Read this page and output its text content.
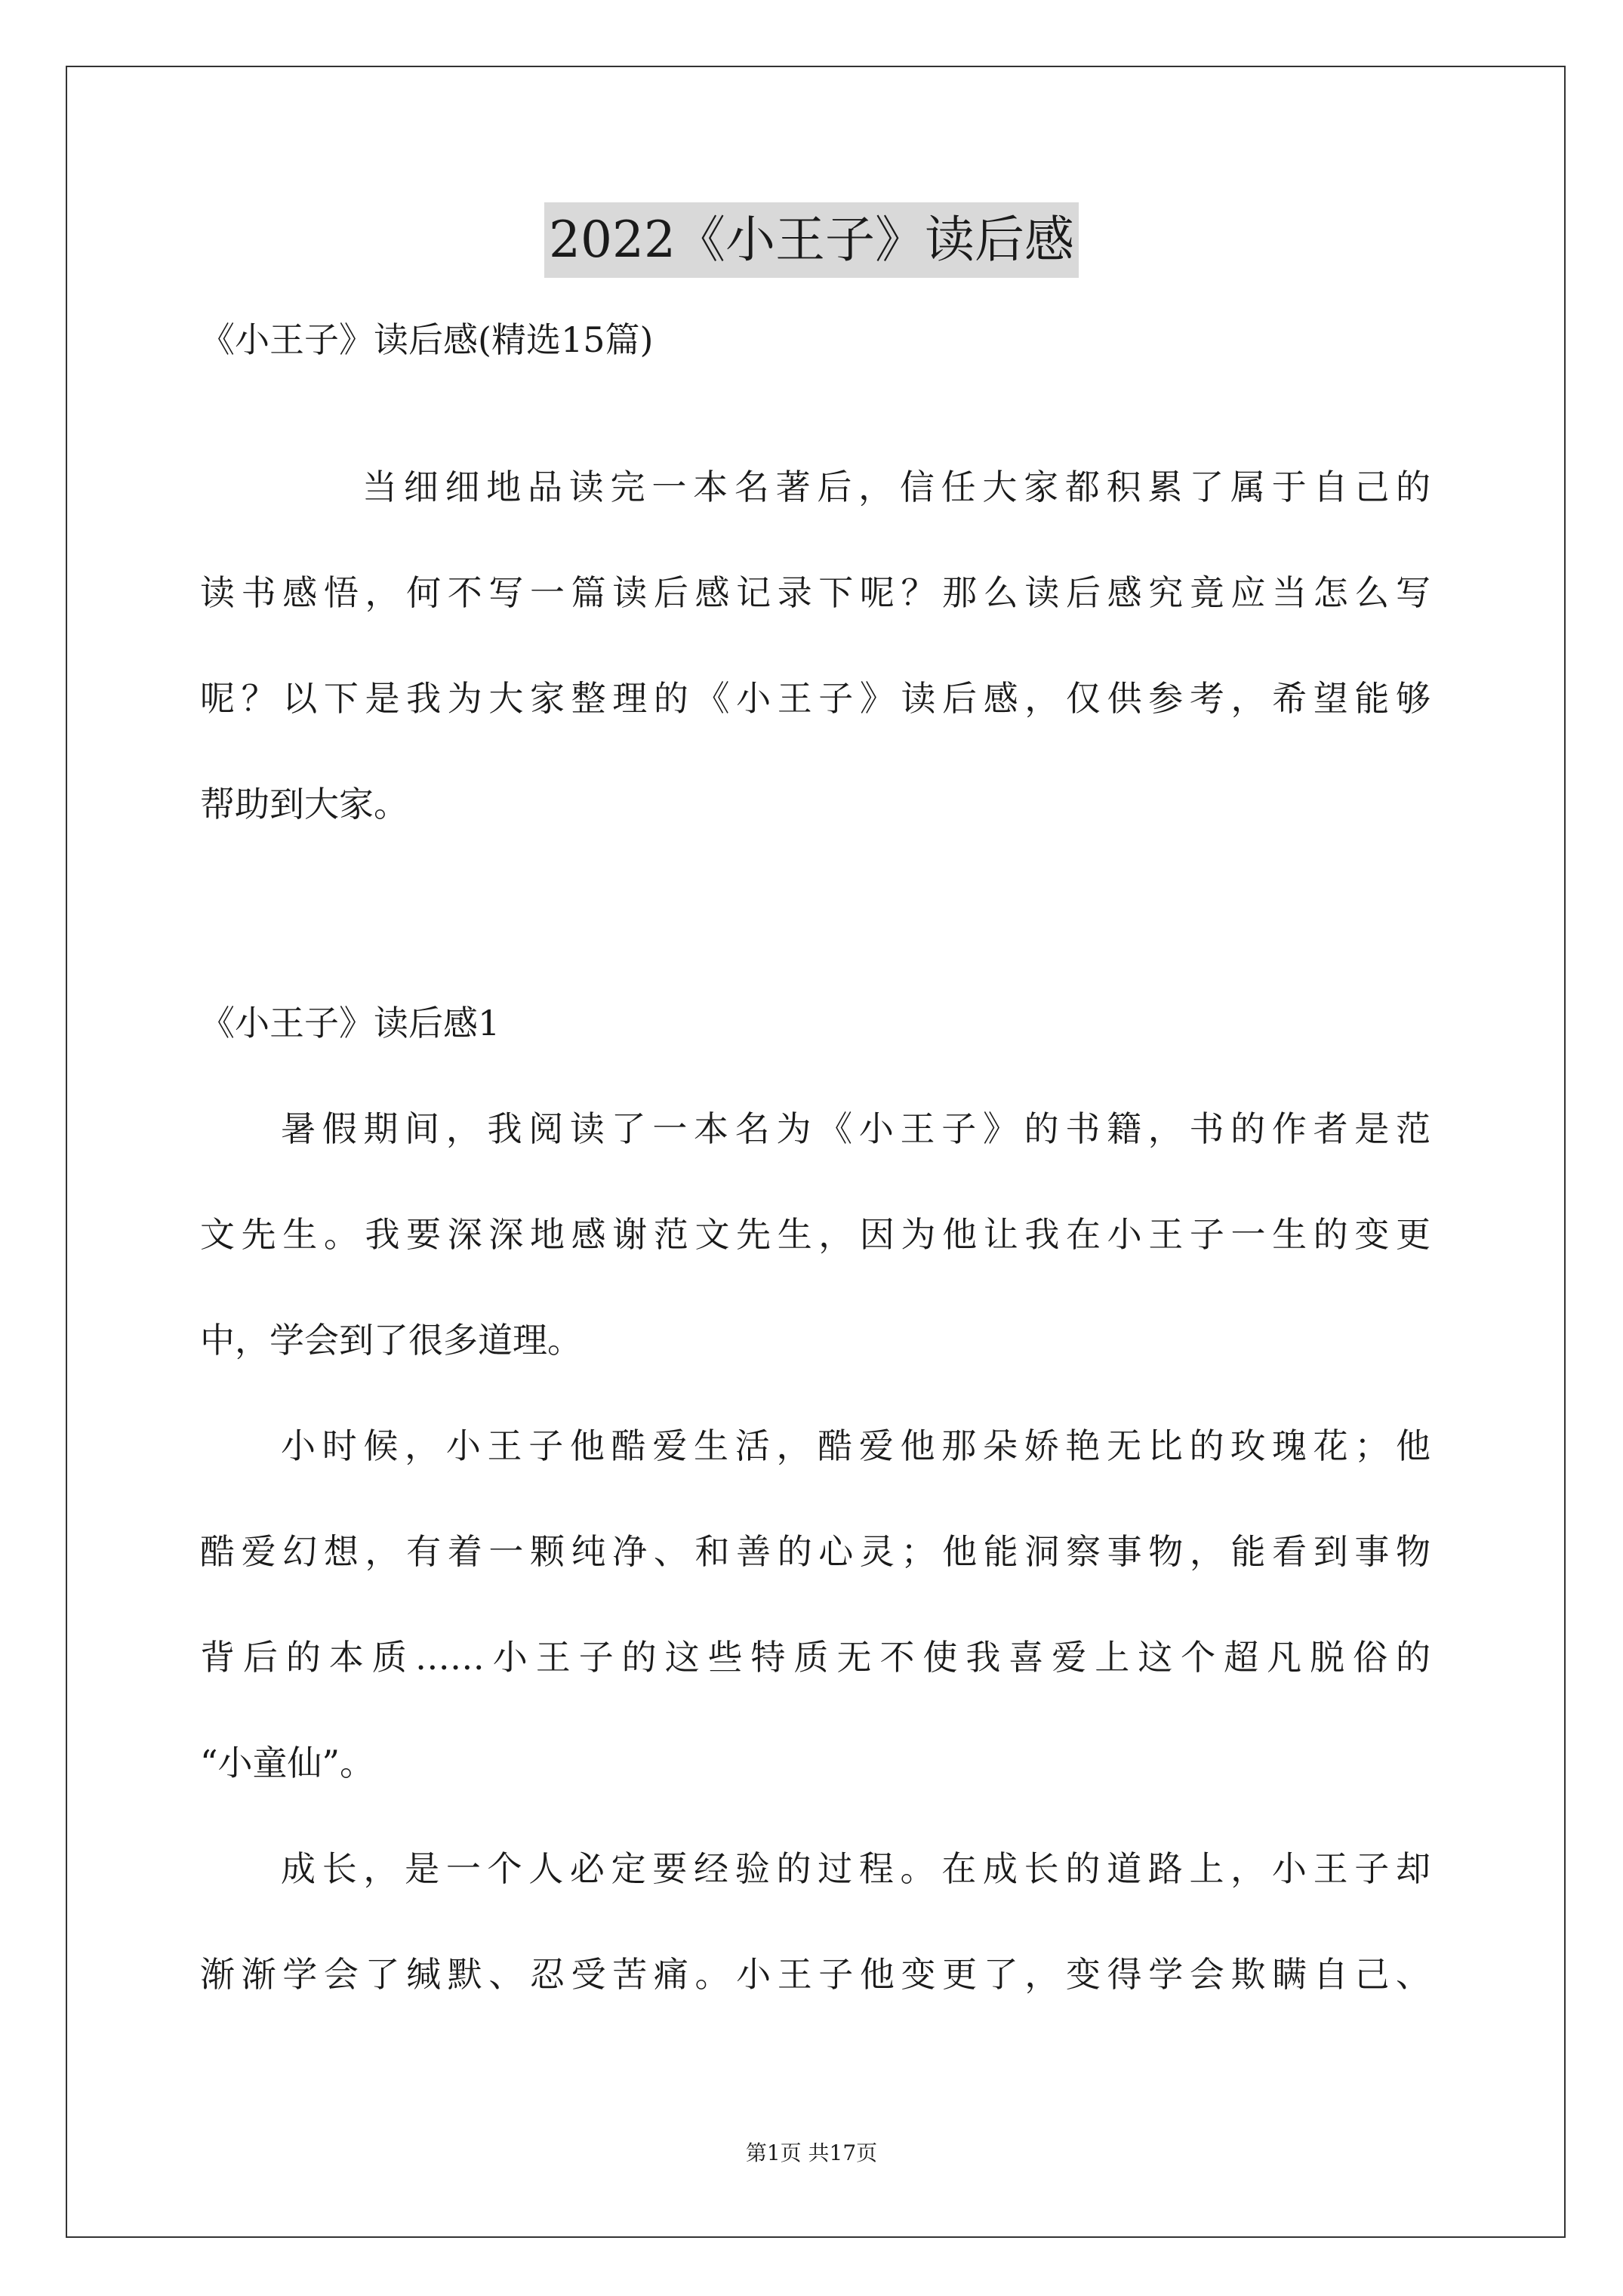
2022《小王子》读后感
《小王子》读后感(精选15篇)
当细细地品读完一本名著后，信任大家都积累了属于自己的
读书感悟，何不写一篇读后感记录下呢？那么读后感究竟应当怎么写
呢？以下是我为大家整理的《小王子》读后感，仅供参考，希望能够
帮助到大家。
《小王子》读后感1
暑假期间，我阅读了一本名为《小王子》的书籍，书的作者是范
文先生。我要深深地感谢范文先生，因为他让我在小王子一生的变更
中，学会到了很多道理。
小时候，小王子他酷爱生活，酷爱他那朵娇艳无比的玫瑰花；他
酷爱幻想，有着一颗纯净、和善的心灵；他能洞察事物，能看到事物
背后的本质……小王子的这些特质无不使我喜爱上这个超凡脱俗的
“小童仙”。
成长，是一个人必定要经验的过程。在成长的道路上，小王子却
渐渐学会了缄默、忍受苦痛。小王子他变更了，变得学会欺瞒自己、
第1页 共17页
